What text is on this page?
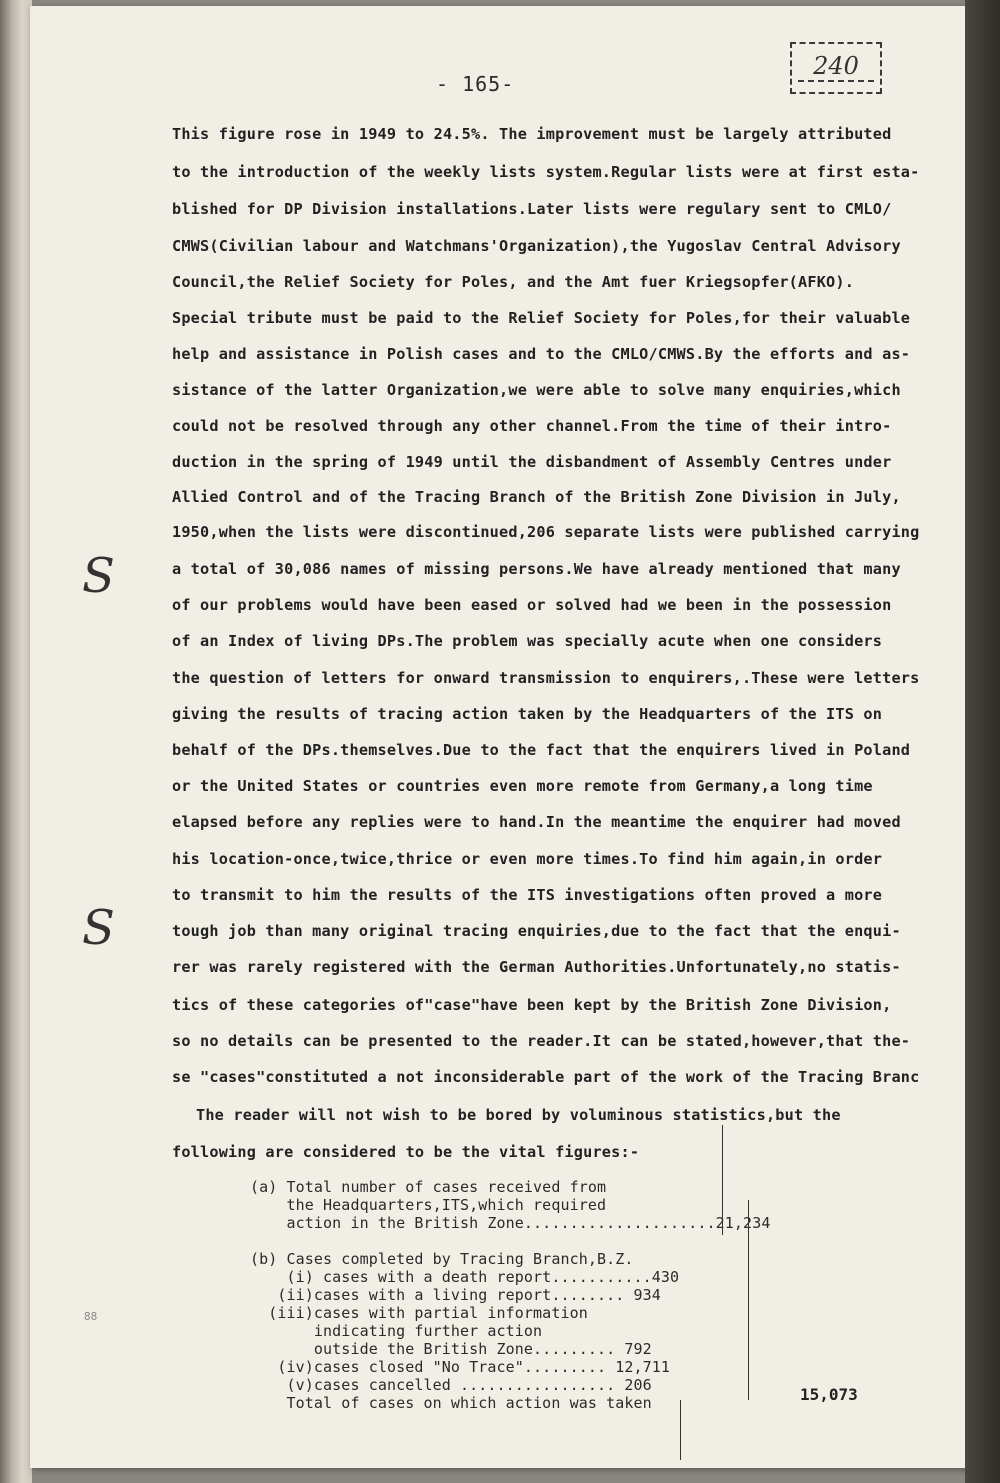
- 165-
240
This figure rose in 1949 to 24.5%. The improvement must be largely attributed
to the introduction of the weekly lists system.Regular lists were at first esta-
blished for DP Division installations.Later lists were regulary sent to CMLO/
CMWS(Civilian labour and Watchmans'Organization),the Yugoslav Central Advisory
Council,the Relief Society for Poles, and the Amt fuer Kriegsopfer(AFKO).
Special tribute must be paid to the Relief Society for Poles,for their valuable
help and assistance in Polish cases and to the CMLO/CMWS.By the efforts and as-
sistance of the latter Organization,we were able to solve many enquiries,which
could not be resolved through any other channel.From the time of their intro-
duction in the spring of 1949 until the disbandment of Assembly Centres under
Allied Control and of the Tracing Branch of the British Zone Division in July,
1950,when the lists were discontinued,206 separate lists were published carrying
a total of 30,086 names of missing persons.We have already mentioned that many
of our problems would have been eased or solved had we been in the possession
of an Index of living DPs.The problem was specially acute when one considers
the question of letters for onward transmission to enquirers,.These were letters
giving the results of tracing action taken by the Headquarters of the ITS on
behalf of the DPs.themselves.Due to the fact that the enquirers lived in Poland
or the United States or countries even more remote from Germany,a long time
elapsed before any replies were to hand.In the meantime the enquirer had moved
his location-once,twice,thrice or even more times.To find him again,in order
to transmit to him the results of the ITS investigations often proved a more
tough job than many original tracing enquiries,due to the fact that the enqui-
rer was rarely registered with the German Authorities.Unfortunately,no statis-
tics of these categories of"case"have been kept by the British Zone Division,
so no details can be presented to the reader.It can be stated,however,that the-
se "cases"constituted a not inconsiderable part of the work of the Tracing Branc
The reader will not wish to be bored by voluminous statistics,but the
following are considered to be the vital figures:-
(a) Total number of cases received from
the Headquarters,ITS,which required
action in the British Zone.....................21,234
(b) Cases completed by Tracing Branch,B.Z.
(i) cases with a death report...........430
(ii)cases with a living report........ 934
(iii)cases with partial information
indicating further action
outside the British Zone......... 792
(iv)cases closed "No Trace"......... 12,711
(v)cases cancelled ................. 206
Total of cases on which action was taken	15,073
S
S
88
